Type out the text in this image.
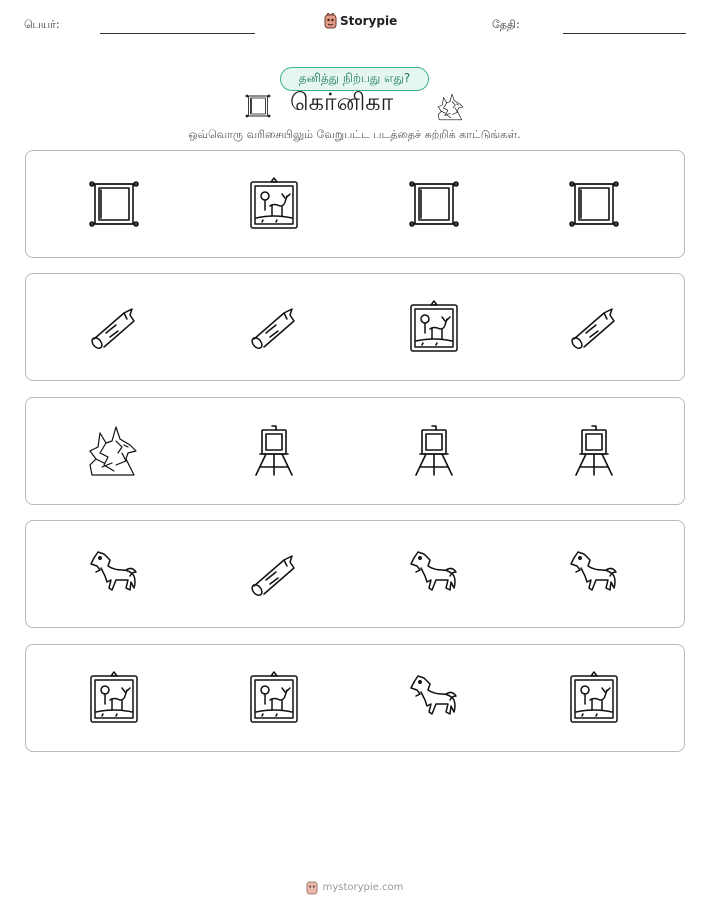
பெயர்:	Storypie	தேதி:
தனித்து நிற்பது எது?
கெர்னிகா
ஒவ்வொரு வரிசையிலும் வேறுபட்ட படத்தைச் சுற்றிக் காட்டுங்கள்.
mystorypie.com
